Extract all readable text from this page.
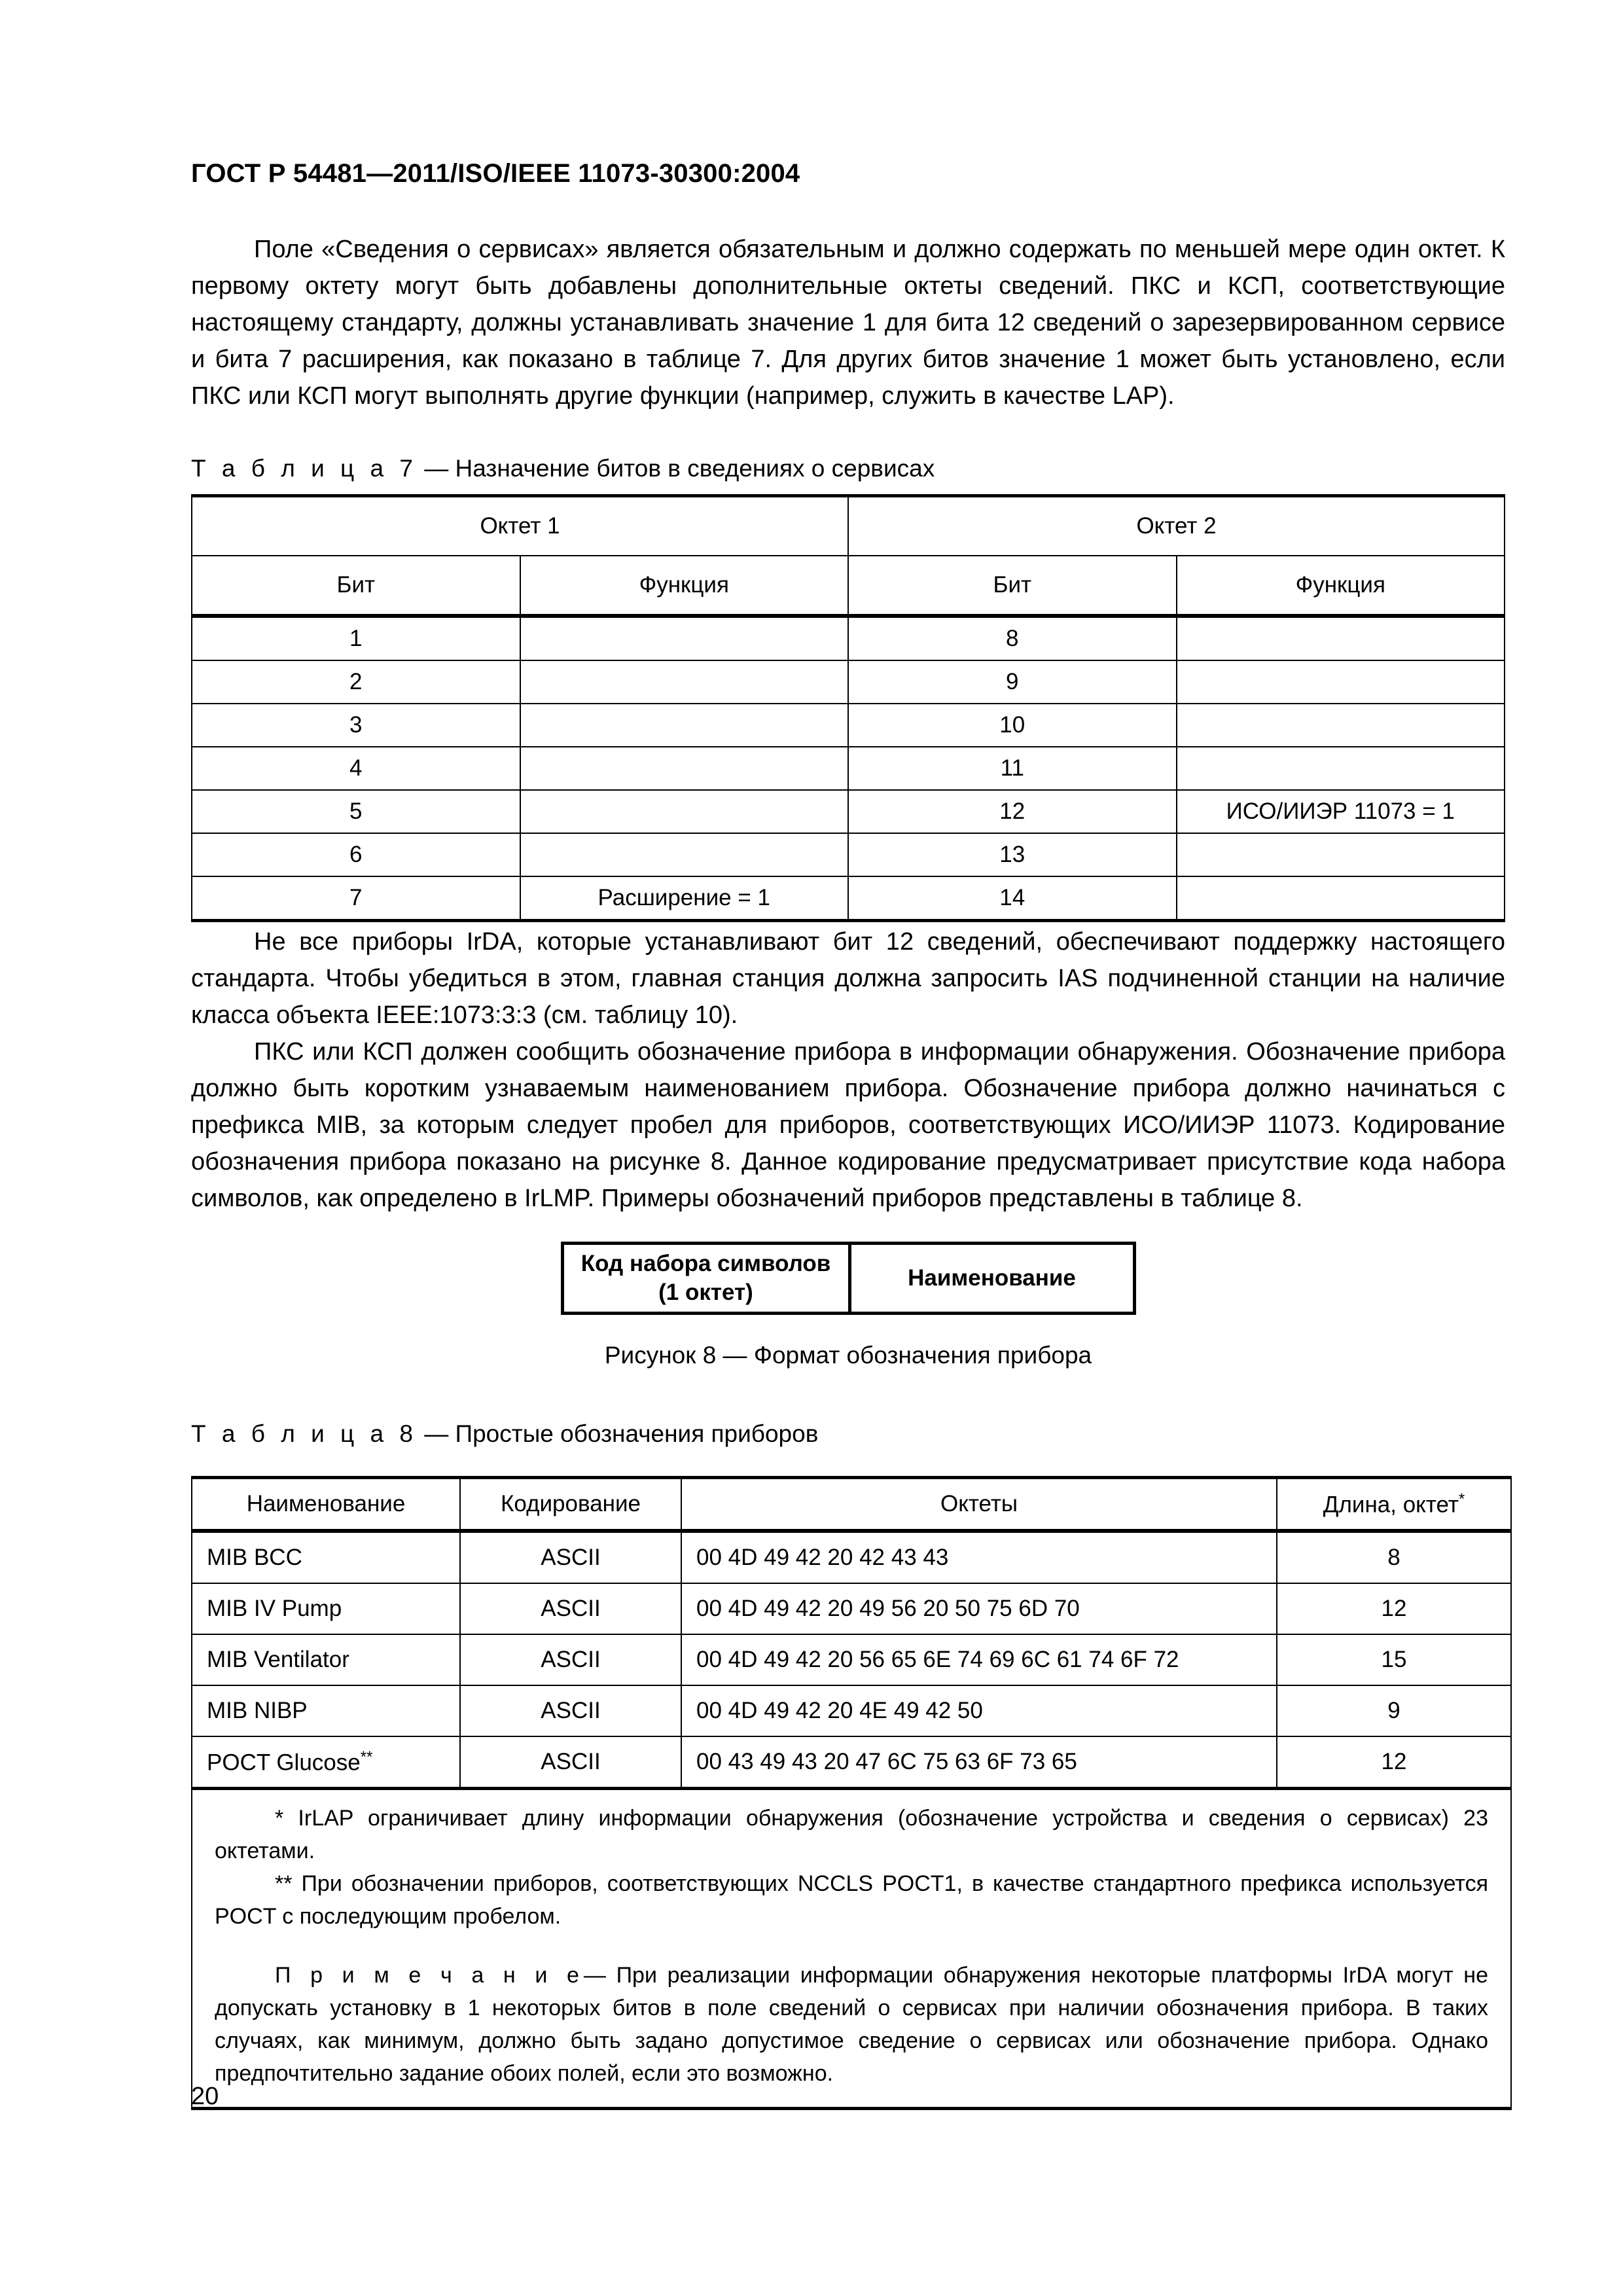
ГОСТ Р 54481—2011/ISO/IEEE 11073-30300:2004

Поле «Сведения о сервисах» является обязательным и должно содержать по меньшей мере один октет. К первому октету могут быть добавлены дополнительные октеты сведений. ПКС и КСП, соответствующие настоящему стандарту, должны устанавливать значение 1 для бита 12 сведений о зарезервированном сервисе и бита 7 расширения, как показано в таблице 7. Для других битов значение 1 может быть установлено, если ПКС или КСП могут выполнять другие функции (например, служить в качестве LAP).

Т а б л и ц а 7 — Назначение битов в сведениях о сервисах
Октет 1		Октет 2	
Бит	Функция	Бит	Функция
1		8	
2		9	
3		10	
4		11	
5		12	ИСО/ИИЭР 11073 = 1
6		13	
7	Расширение = 1	14	

Не все приборы IrDA, которые устанавливают бит 12 сведений, обеспечивают поддержку настоящего стандарта. Чтобы убедиться в этом, главная станция должна запросить IAS подчиненной станции на наличие класса объекта IEEE:1073:3:3 (см. таблицу 10).

ПКС или КСП должен сообщить обозначение прибора в информации обнаружения. Обозначение прибора должно быть коротким узнаваемым наименованием прибора. Обозначение прибора должно начинаться с префикса MIB, за которым следует пробел для приборов, соответствующих ИСО/ИИЭР 11073. Кодирование обозначения прибора показано на рисунке 8. Данное кодирование предусматривает присутствие кода набора символов, как определено в IrLMP. Примеры обозначений приборов представлены в таблице 8.

Код набора символов
(1 октет)	Наименование
Рисунок 8 — Формат обозначения прибора
Т а б л и ц а 8 — Простые обозначения приборов
Наименование	Кодирование	Октеты	Длина, октет*
MIB BCC	ASCII	00 4D 49 42 20 42 43 43	8
MIB IV Pump	ASCII	00 4D 49 42 20 49 56 20 50 75 6D 70	12
MIB Ventilator	ASCII	00 4D 49 42 20 56 65 6E 74 69 6C 61 74 6F 72	15
MIB NIBP	ASCII	00 4D 49 42 20 4E 49 42 50	9
POCT Glucose**	ASCII	00 43 49 43 20 47 6C 75 63 6F 73 65	12

* IrLAP ограничивает длину информации обнаружения (обозначение устройства и сведения о сервисах) 23 октетами.

** При обозначении приборов, соответствующих NCCLS POCT1, в качестве стандартного префикса используется POCT с последующим пробелом.

П р и м е ч а н и е— При реализации информации обнаружения некоторые платформы IrDA могут не допускать установку в 1 некоторых битов в поле сведений о сервисах при наличии обозначения прибора. В таких случаях, как минимум, должно быть задано допустимое сведение о сервисах или обозначение прибора. Однако предпочтительно задание обоих полей, если это возможно.			

20
